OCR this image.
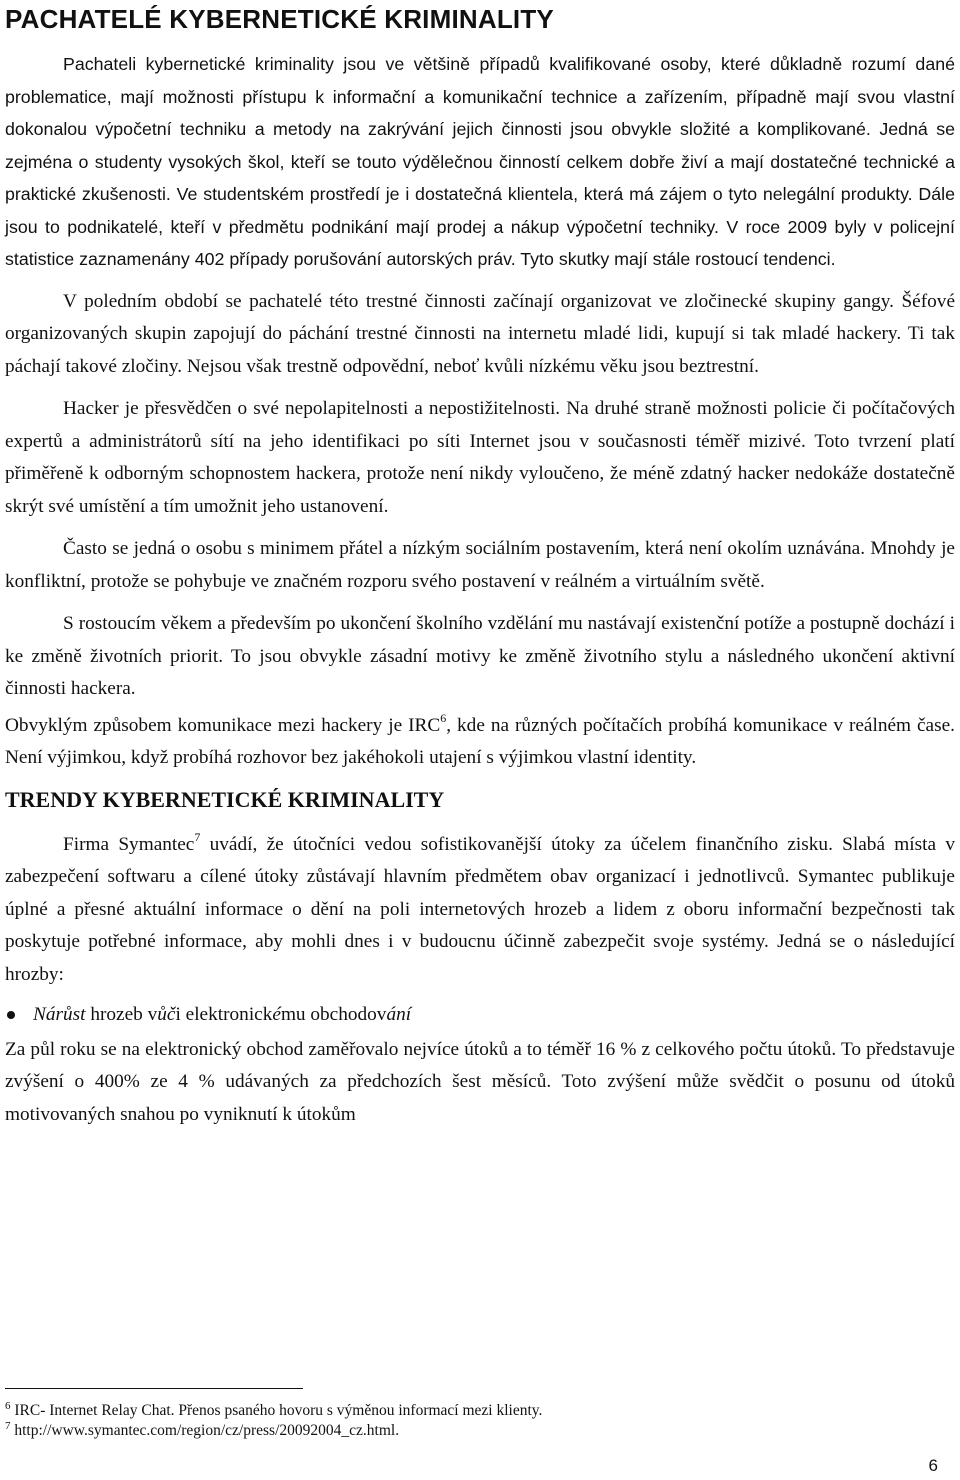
PACHATELÉ KYBERNETICKÉ KRIMINALITY

Pachateli kybernetické kriminality jsou ve většině případů kvalifikované osoby, které důkladně rozumí dané problematice, mají možnosti přístupu k informační a komunikační technice a zařízením, případně mají svou vlastní dokonalou výpočetní techniku a metody na zakrývání jejich činnosti jsou obvykle složité a komplikované. Jedná se zejména o studenty vysokých škol, kteří se touto výdělečnou činností celkem dobře živí a mají dostatečné technické a praktické zkušenosti. Ve studentském prostředí je i dostatečná klientela, která má zájem o tyto nelegální produkty. Dále jsou to podnikatelé, kteří v předmětu podnikání mají prodej a nákup výpočetní techniky. V roce 2009 byly v policejní statistice zaznamenány 402 případy porušování autorských práv. Tyto skutky mají stále rostoucí tendenci.

V poledním období se pachatelé této trestné činnosti začínají organizovat ve zločinecké skupiny gangy. Šéfové organizovaných skupin zapojují do páchání trestné činnosti na internetu mladé lidi, kupují si tak mladé hackery. Ti tak páchají takové zločiny. Nejsou však trestně odpovědní, neboť kvůli nízkému věku jsou beztrestní.

Hacker je přesvědčen o své nepolapitelnosti a nepostižitelnosti. Na druhé straně možnosti policie či počítačových expertů a administrátorů sítí na jeho identifikaci po síti Internet jsou v současnosti téměř mizivé. Toto tvrzení platí přiměřeně k odborným schopnostem hackera, protože není nikdy vyloučeno, že méně zdatný hacker nedokáže dostatečně skrýt své umístění a tím umožnit jeho ustanovení.

Často se jedná o osobu s minimem přátel a nízkým sociálním postavením, která není okolím uznávána. Mnohdy je konfliktní, protože se pohybuje ve značném rozporu svého postavení v reálném a virtuálním světě.

S rostoucím věkem a především po ukončení školního vzdělání mu nastávají existenční potíže a postupně dochází i ke změně životních priorit. To jsou obvykle zásadní motivy ke změně životního stylu a následného ukončení aktivní činnosti hackera.

Obvyklým způsobem komunikace mezi hackery je IRC$^6$, kde na různých počítačích probíhá komunikace v reálném čase. Není výjimkou, když probíhá rozhovor bez jakéhokoli utajení s výjimkou vlastní identity.

TRENDY KYBERNETICKÉ KRIMINALITY

Firma Symantec$^7$ uvádí, že útočníci vedou sofistikovanější útoky za účelem finančního zisku. Slabá místa v zabezpečení softwaru a cílené útoky zůstávají hlavním předmětem obav organizací i jednotlivců. Symantec publikuje úplné a přesné aktuální informace o dění na poli internetových hrozeb a lidem z oboru informační bezpečnosti tak poskytuje potřebné informace, aby mohli dnes i v budoucnu účinně zabezpečit svoje systémy. Jedná se o následující hrozby:

Nárůst hrozeb vůči elektronickému obchodování

Za půl roku se na elektronický obchod zaměřovalo nejvíce útoků a to téměř 16 % z celkového počtu útoků. To představuje zvýšení o 400% ze 4 % udávaných za předchozích šest měsíců. Toto zvýšení může svědčit o posunu od útoků motivovaných snahou po vyniknutí k útokům

$^6$ IRC- Internet Relay Chat. Přenos psaného hovoru s výměnou informací mezi klienty.

$^7$ http://www.symantec.com/region/cz/press/20092004_cz.html.

6
